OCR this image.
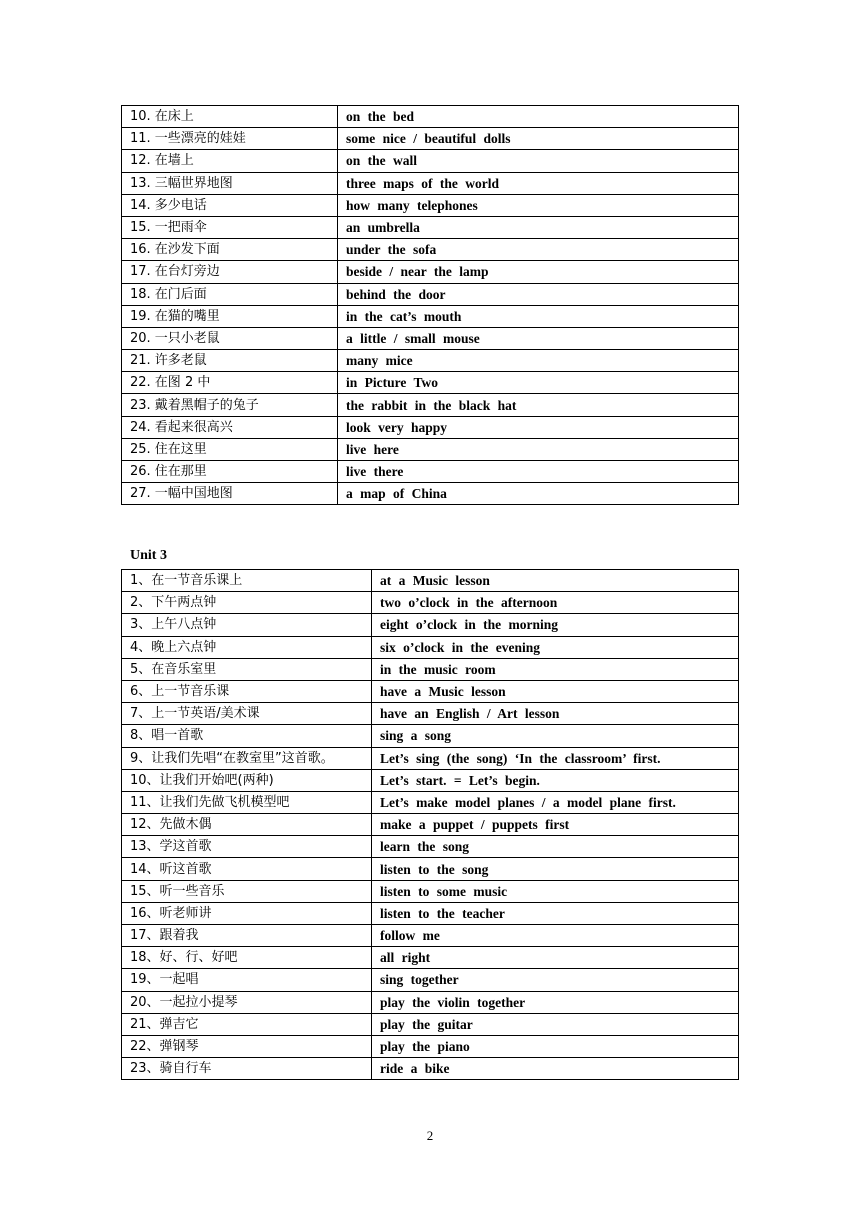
10. 在床上	on the bed
11. 一些漂亮的娃娃	some nice / beautiful dolls
12. 在墙上	on the wall
13. 三幅世界地图	three maps of the world
14. 多少电话	how many telephones
15. 一把雨伞	an umbrella
16. 在沙发下面	under the sofa
17. 在台灯旁边	beside / near the lamp
18. 在门后面	behind the door
19. 在猫的嘴里	in the cat’s mouth
20. 一只小老鼠	a little / small mouse
21. 许多老鼠	many mice
22. 在图 2 中	in Picture Two
23. 戴着黑帽子的兔子	the rabbit in the black hat
24. 看起来很高兴	look very happy
25. 住在这里	live here
26. 住在那里	live there
27. 一幅中国地图	a map of China
Unit 3
1、在一节音乐课上	at a Music lesson
2、下午两点钟	two o’clock in the afternoon
3、上午八点钟	eight o’clock in the morning
4、晚上六点钟	six o’clock in the evening
5、在音乐室里	in the music room
6、上一节音乐课	have a Music lesson
7、上一节英语/美术课	have an English / Art lesson
8、唱一首歌	sing a song
9、让我们先唱“在教室里”这首歌。	Let’s sing (the song) ‘In the classroom’ first.
10、让我们开始吧(两种)	Let’s start. = Let’s begin.
11、让我们先做飞机模型吧	Let’s make model planes / a model plane first.
12、先做木偶	make a puppet / puppets first
13、学这首歌	learn the song
14、听这首歌	listen to the song
15、听一些音乐	listen to some music
16、听老师讲	listen to the teacher
17、跟着我	follow me
18、好、行、好吧	all right
19、一起唱	sing together
20、一起拉小提琴	play the violin together
21、弹吉它	play the guitar
22、弹钢琴	play the piano
23、骑自行车	ride a bike
2
